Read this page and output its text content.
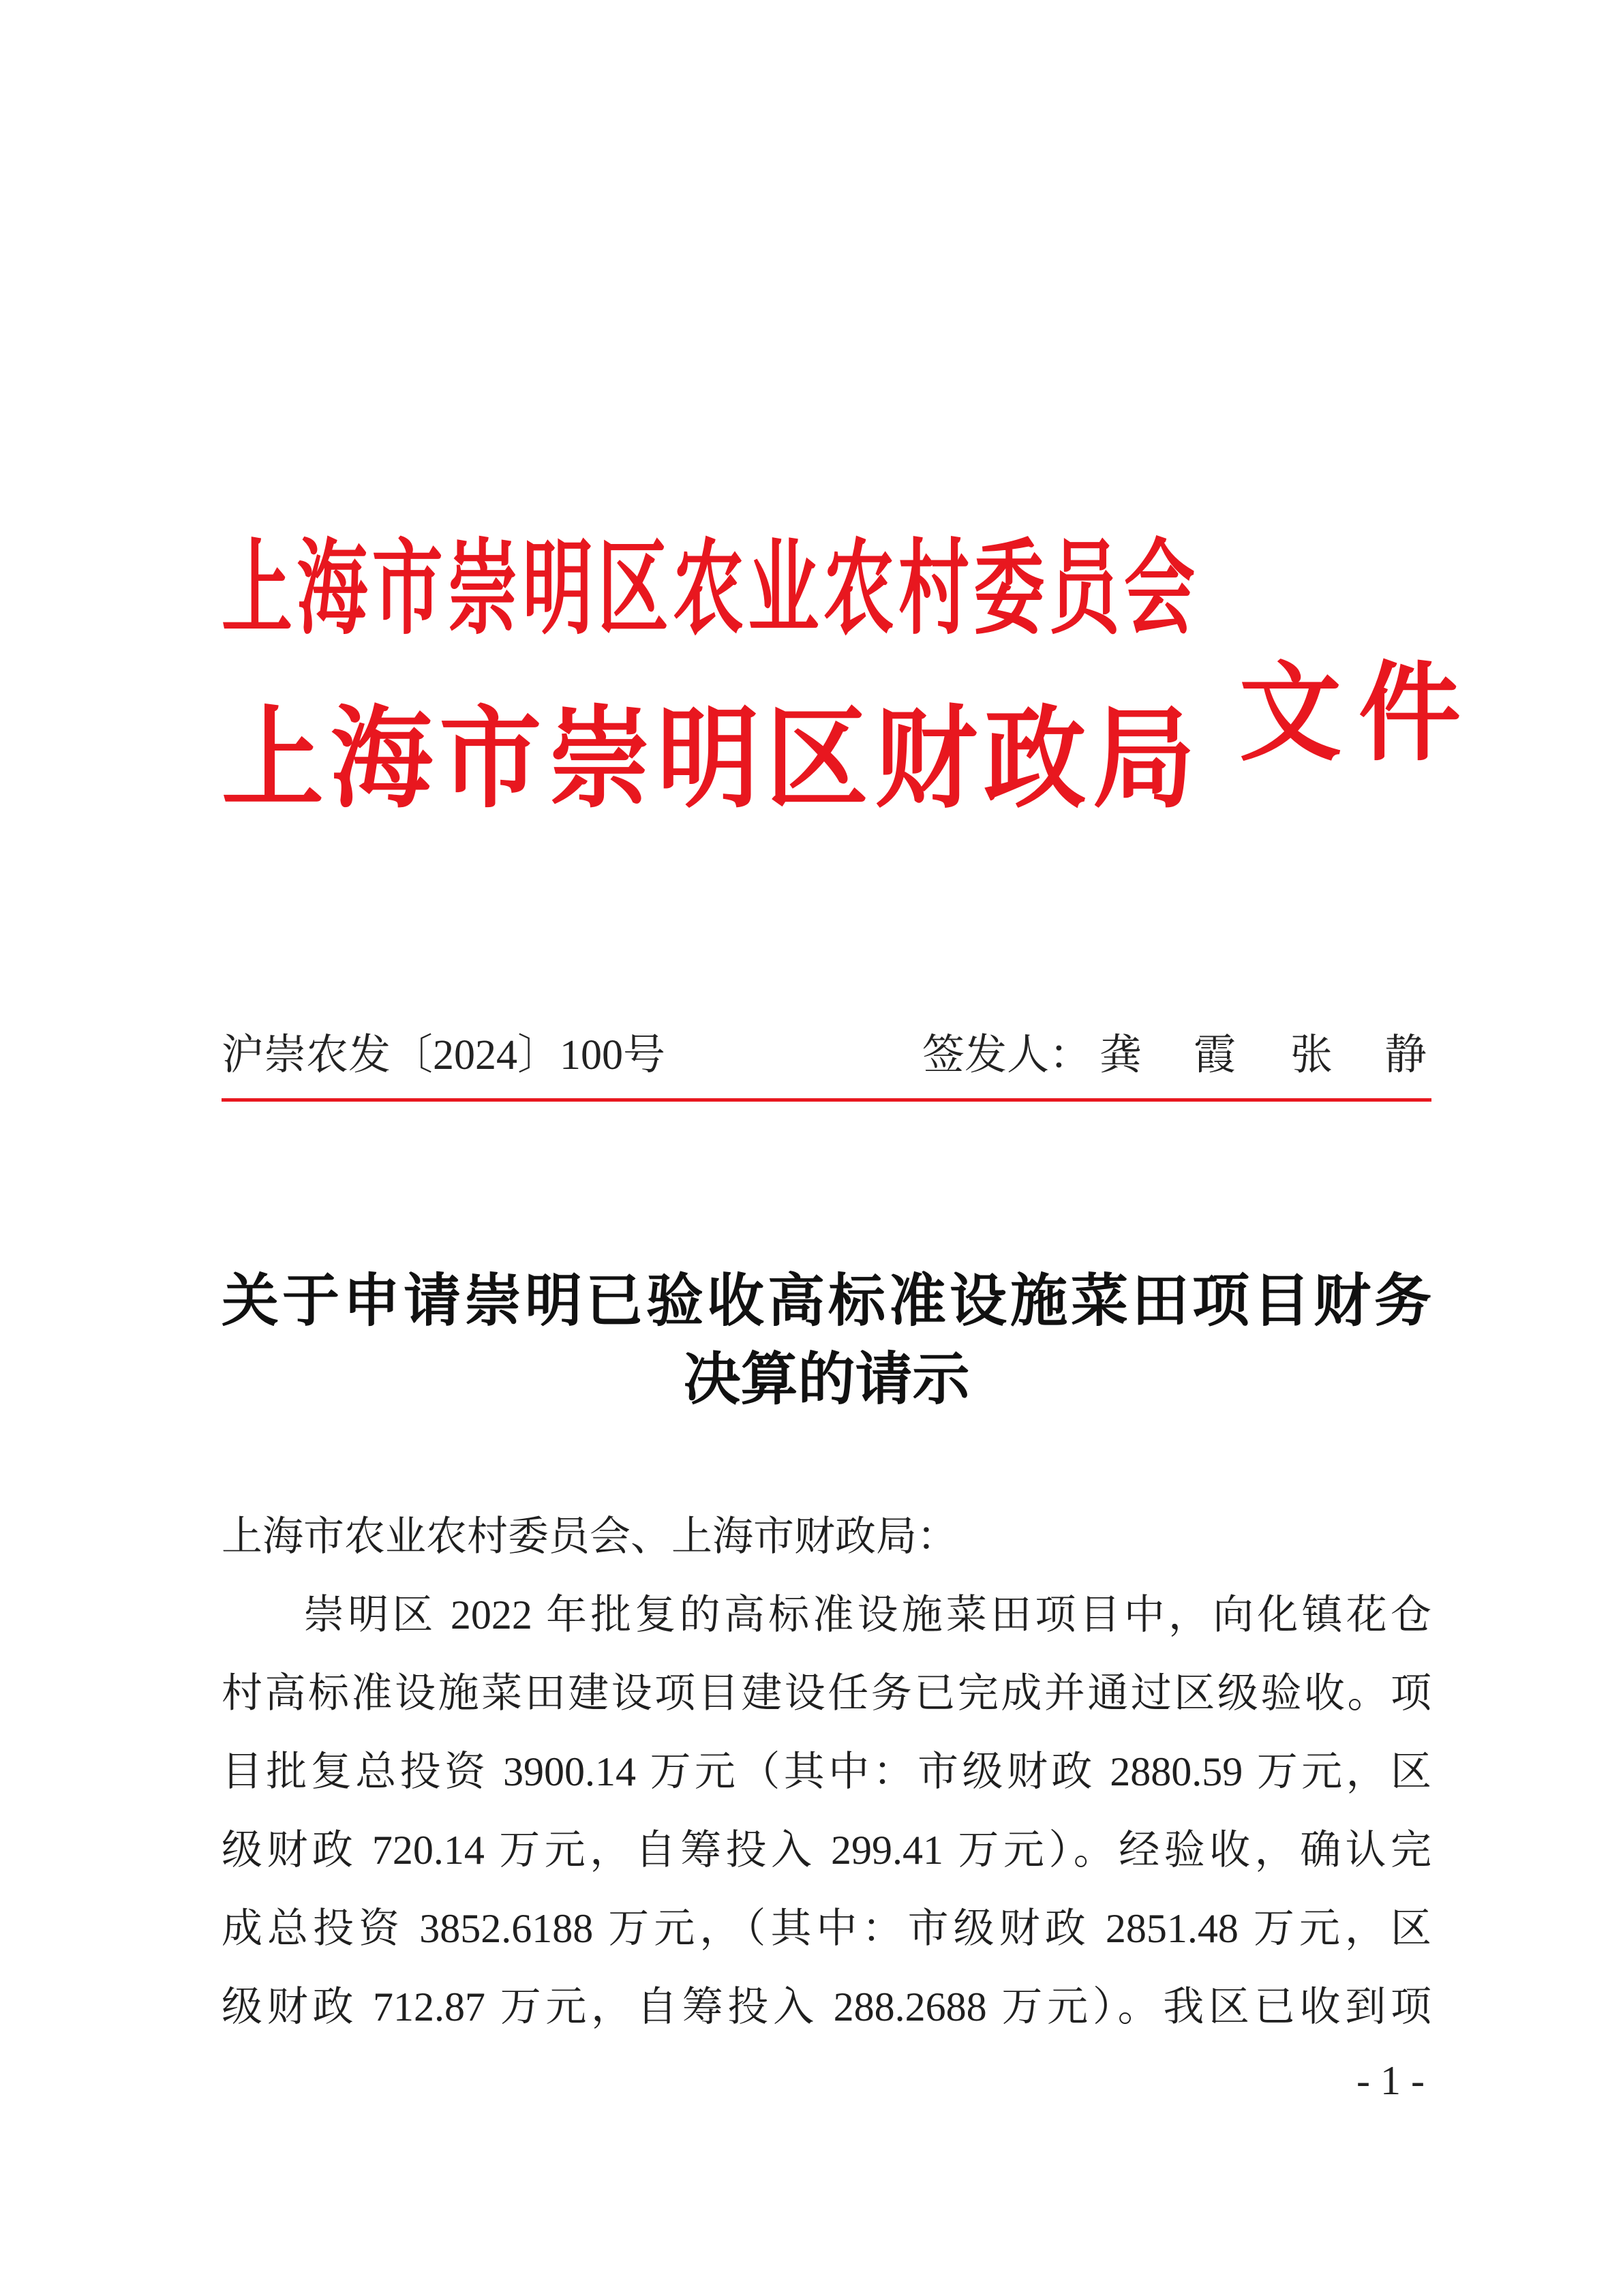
上海市崇明区农业农村委员会
上海市崇明区财政局 文件
沪崇农发〔2024〕100号	签发人： 龚 霞 张 静
关于申请崇明已验收高标准设施菜田项目财务
决算的请示
上海市农业农村委员会、上海市财政局：
崇明区 2022 年批复的高标准设施菜田项目中，向化镇花仓
村高标准设施菜田建设项目建设任务已完成并通过区级验收。项
目批复总投资 3900.14 万元（其中：市级财政 2880.59 万元，区
级财政 720.14 万元，自筹投入 299.41 万元）。经验收，确认完
成总投资 3852.6188 万元，（其中：市级财政 2851.48 万元，区
级财政 712.87 万元，自筹投入 288.2688 万元）。我区已收到项
- 1 -
